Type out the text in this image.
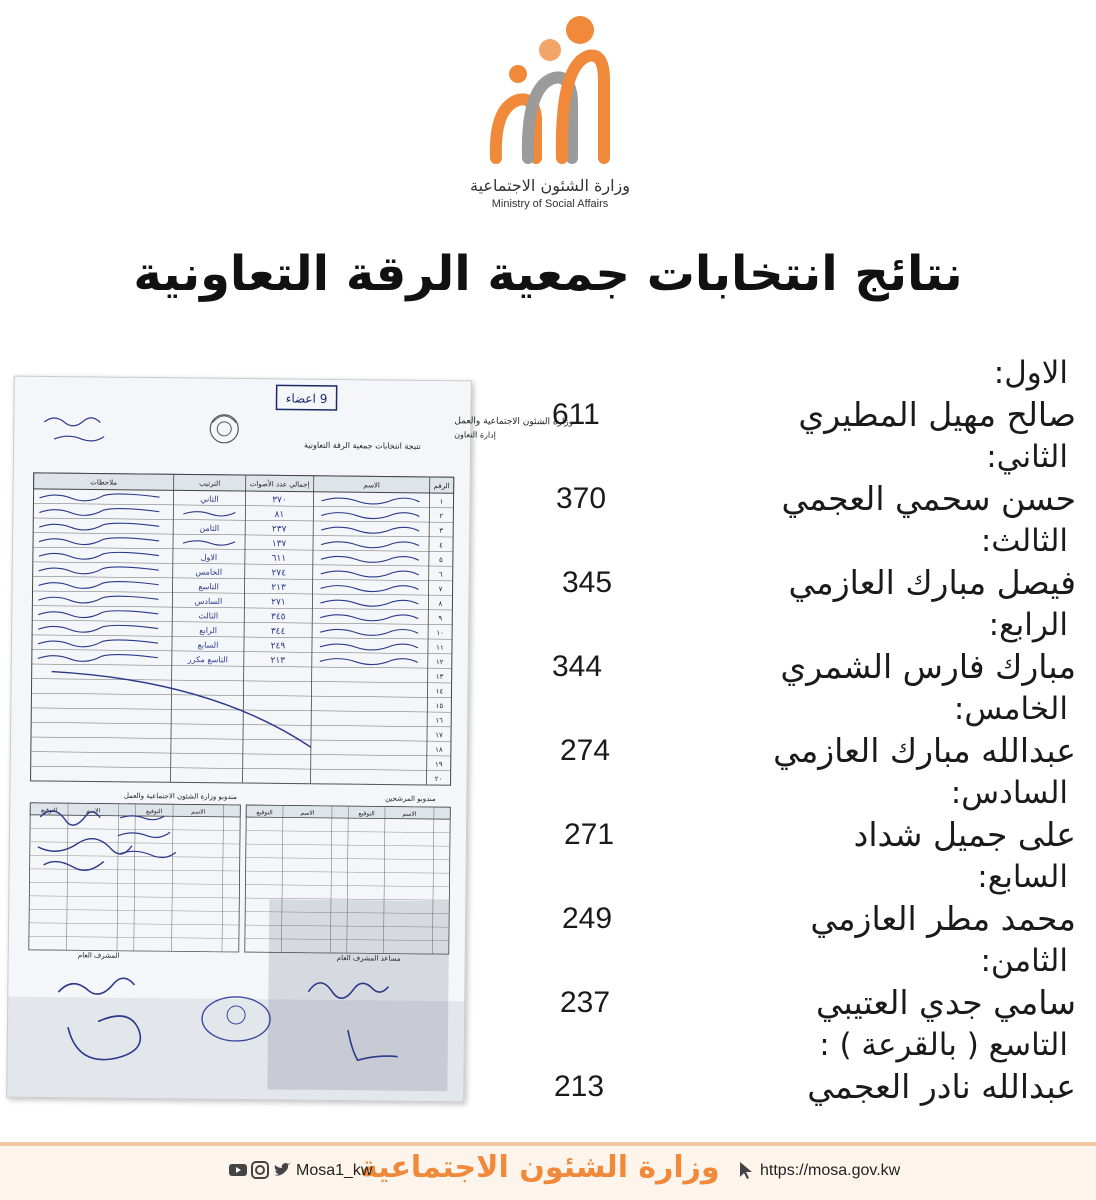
وزارة الشئون الاجتماعية
Ministry of Social Affairs
نتائج انتخابات جمعية الرقة التعاونية
الاول:
صالح مهيل المطيري
611
الثاني:
حسن سحمي العجمي
370
الثالث:
فيصل مبارك العازمي
345
الرابع:
مبارك فارس الشمري
344
الخامس:
عبدالله مبارك العازمي
274
السادس:
على جميل شداد
271
السابع:
محمد مطر العازمي
249
الثامن:
سامي جدي العتيبي
237
التاسع ( بالقرعة ) :
عبدالله نادر العجمي
213
9 اعضاء
وزارة الشئون الاجتماعية والعمل
إدارة التعاون
نتيجة انتخابات جمعية الرقة التعاونية
الرقم
الاسم
إجمالي عدد الأصوات
الترتيب
ملاحظات
١
٢
٣
٤
٥
٦
٧
٨
٩
١٠
١١
١٢
١٣
١٤
١٥
١٦
١٧
١٨
١٩
٢٠
٣٧٠
الثاني
٨١
٢٣٧
الثامن
١٣٧
٦١١
الاول
٢٧٤
الخامس
٢١٣
التاسع
٢٧١
السادس
٣٤٥
الثالث
٣٤٤
الرابع
٢٤٩
السابع
٢١٣
التاسع مكرر
مندوبو المرشحين
مندوبو وزارة الشئون الاجتماعية والعمل
الاسم
التوقيع
الاسم
التوقيع
الاسم
التوقيع
الاسم
التوقيع
مساعد المشرف العام
المشرف العام
وزارة الشئون الاجتماعية
Mosa1_kw	https://mosa.gov.kw
